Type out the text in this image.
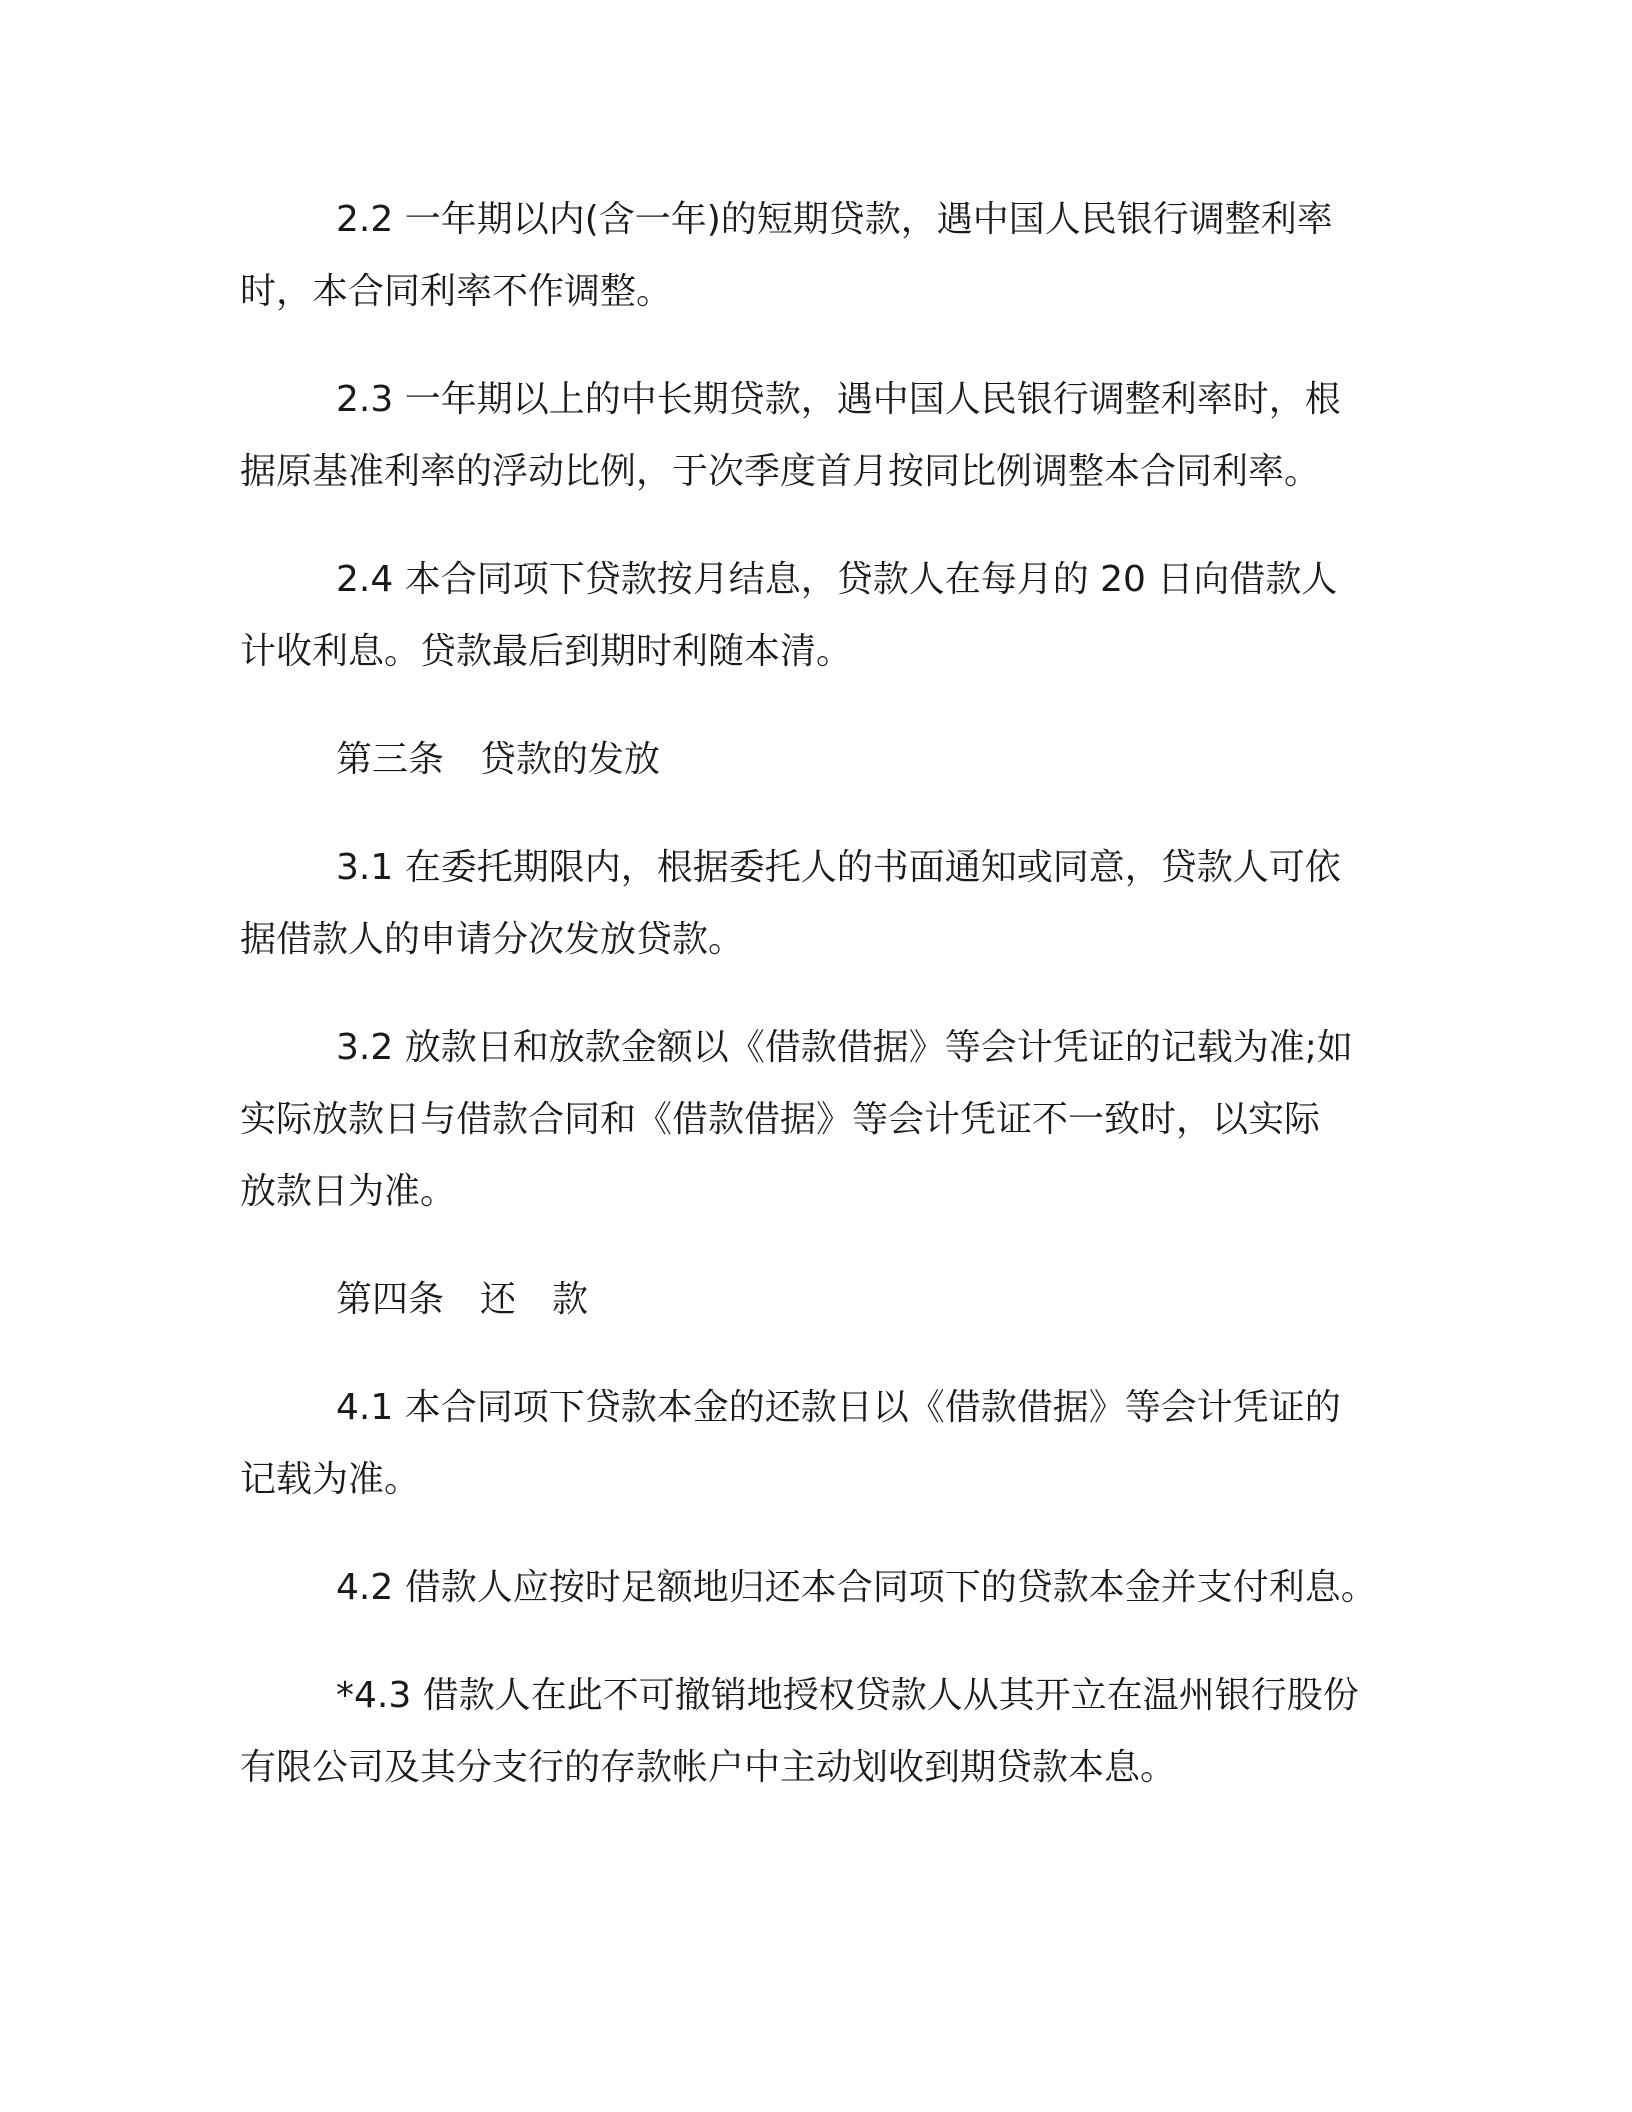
2.2 一年期以内(含一年)的短期贷款，遇中国人民银行调整利率
时，本合同利率不作调整。
2.3 一年期以上的中长期贷款，遇中国人民银行调整利率时，根
据原基准利率的浮动比例，于次季度首月按同比例调整本合同利率。
2.4 本合同项下贷款按月结息，贷款人在每月的 20 日向借款人
计收利息。贷款最后到期时利随本清。
第三条　贷款的发放
3.1 在委托期限内，根据委托人的书面通知或同意，贷款人可依
据借款人的申请分次发放贷款。
3.2 放款日和放款金额以《借款借据》等会计凭证的记载为准;如
实际放款日与借款合同和《借款借据》等会计凭证不一致时，以实际
放款日为准。
第四条　还　款
4.1 本合同项下贷款本金的还款日以《借款借据》等会计凭证的
记载为准。
4.2 借款人应按时足额地归还本合同项下的贷款本金并支付利息。
*4.3 借款人在此不可撤销地授权贷款人从其开立在温州银行股份
有限公司及其分支行的存款帐户中主动划收到期贷款本息。
